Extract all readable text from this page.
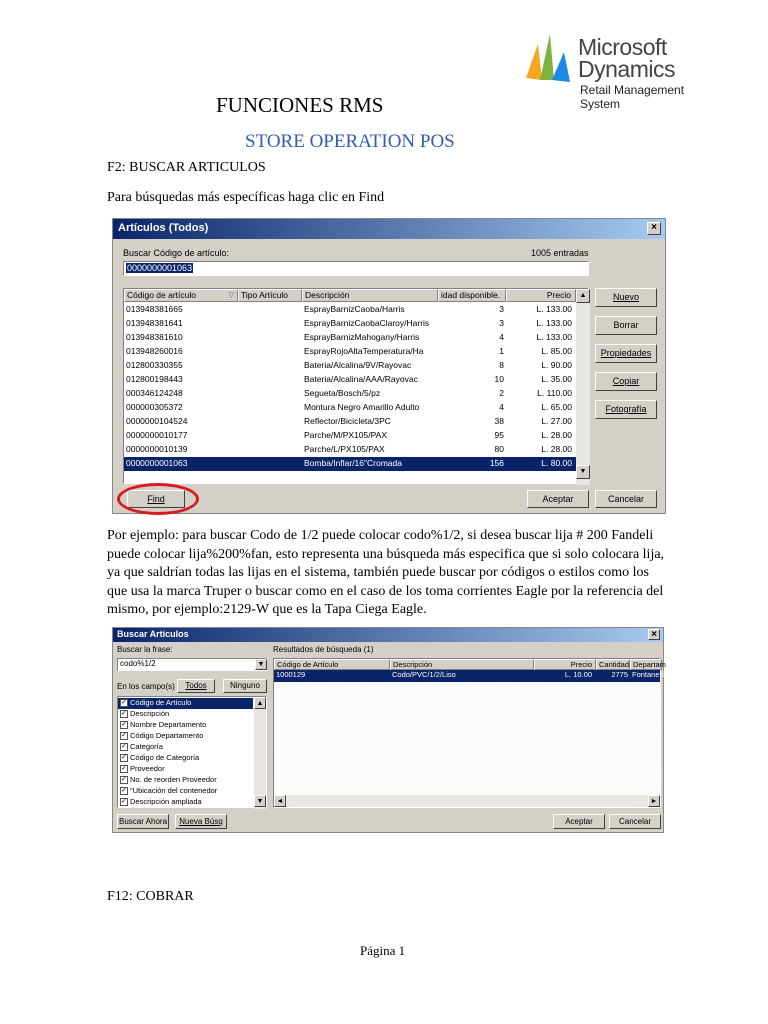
Microsoft
Dynamics
Retail Management System
FUNCIONES RMS
STORE OPERATION POS
F2: BUSCAR ARTICULOS
Para búsquedas más específicas haga clic en Find
Artículos (Todos)	×
Buscar Código de artículo:	1005 entradas
0000000001063
Código de artículo	▽ Tipo Artículo	Descripción	idad disponible.	Precio
013948381665	EsprayBarnizCaoba/Harris	3	L. 133.00
013948381641	EsprayBarnizCaobaClaroy/Harris	3	L. 133.00
013948381610	EsprayBarnizMahogany/Harris	4	L. 133.00
013948260016	EsprayRojoAltaTemperatura/Ha	1	L. 85.00
012800330355	Bateria/Alcalina/9V/Rayovac	8	L. 90.00
012800198443	Bateria/Alcalina/AAA/Rayovac	10	L. 35.00
000346124248	Segueta/Bosch/5/pz	2	L. 110.00
000000305372	Montura Negro Amarillo Adulto	4	L. 65.00
0000000104524	Reflector/Bicicleta/3PC	38	L. 27.00
0000000010177	Parche/M/PX105/PAX	95	L. 28.00
0000000010139	Parche/L/PX105/PAX	80	L. 28.00
0000000001063	Bomba/Inflar/16"Cromada	156	L. 80.00
▲
▼
Nuevo
Borrar
Propiedades
Copiar
Fotografía
Find	Aceptar	Cancelar
Por ejemplo: para buscar Codo de 1/2 puede colocar codo%1/2, si desea buscar lija # 200 Fandeli puede colocar lija%200%fan, esto representa una búsqueda más especifica que si solo colocara lija, ya que saldrían todas las lijas en el sistema, también puede buscar por códigos o estilos como los que usa la marca Truper o buscar como en el caso de los toma corrientes Eagle por la referencia del mismo, por ejemplo:2129-W que es la Tapa Ciega Eagle.
Buscar Artículos	×
Buscar la frase:
codo%1/2	▼
En los campo(s)	Todos	Ninguno
✓ Código de Artículo
✓ Descripción
✓ Nombre Departamento
✓ Código Departamento
✓ Categoría
✓ Código de Categoría
✓ Proveedor
✓ No. de reorden Proveedor
✓ "Ubicación del contenedor
✓ Descripción ampliada
▲
▼
Resultados de búsqueda (1)
Código de Artículo	Descripción	Precio Cantidad Departam
1000129	Codo/PVC/1/2/Liso	L. 10.00	2775 Fontanería
◄	►
Buscar Ahora	Nueva Búsq	Aceptar	Cancelar
F12: COBRAR
Página 1
